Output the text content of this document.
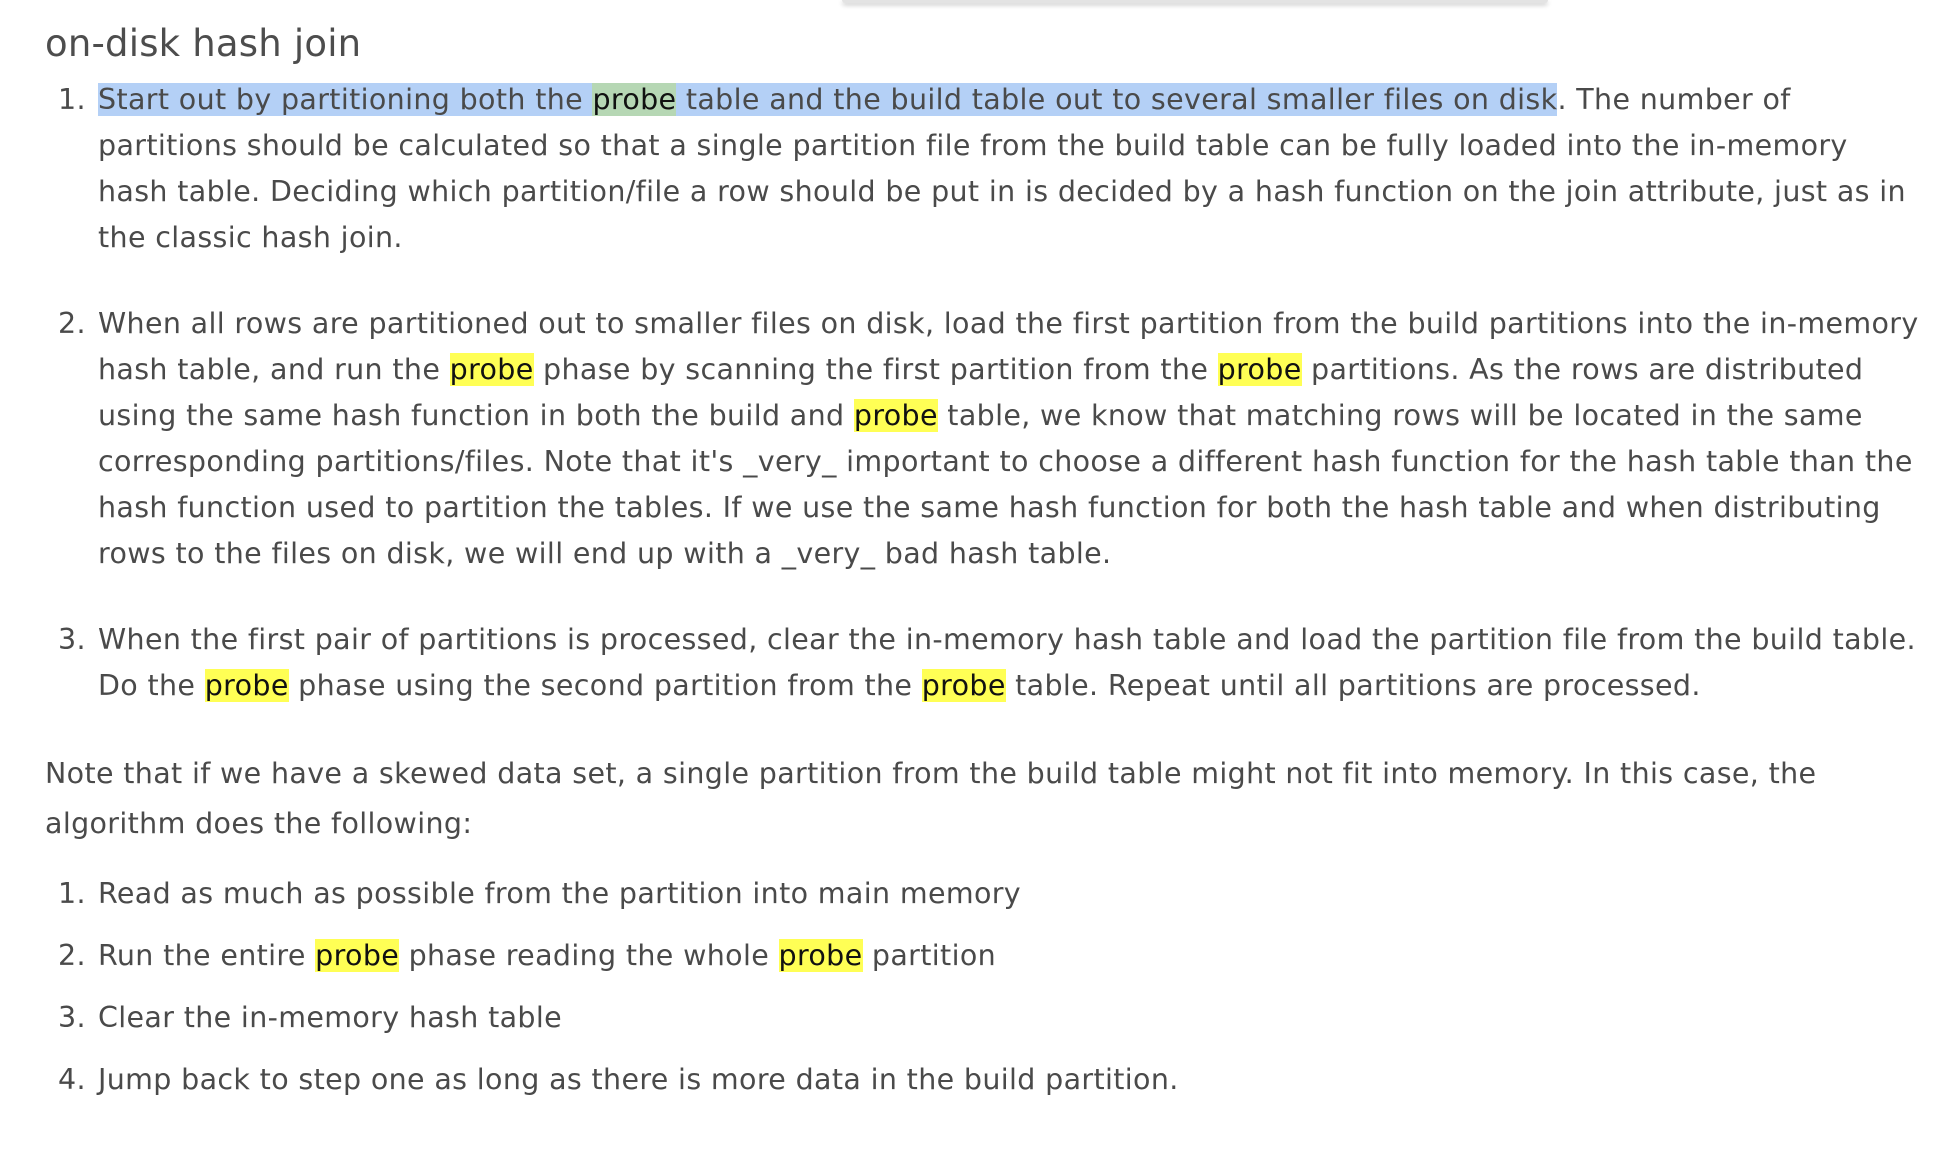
on-disk hash join
1. Start out by partitioning both the probe table and the build table out to several smaller files on disk. The number of partitions should be calculated so that a single partition file from the build table can be fully loaded into the in-memory hash table. Deciding which partition/file a row should be put in is decided by a hash function on the join attribute, just as in the classic hash join.
2. When all rows are partitioned out to smaller files on disk, load the first partition from the build partitions into the in-memory hash table, and run the probe phase by scanning the first partition from the probe partitions. As the rows are distributed using the same hash function in both the build and probe table, we know that matching rows will be located in the same corresponding partitions/files. Note that it's _very_ important to choose a different hash function for the hash table than the hash function used to partition the tables. If we use the same hash function for both the hash table and when distributing rows to the files on disk, we will end up with a _very_ bad hash table.
3. When the first pair of partitions is processed, clear the in-memory hash table and load the partition file from the build table. Do the probe phase using the second partition from the probe table. Repeat until all partitions are processed.

Note that if we have a skewed data set, a single partition from the build table might not fit into memory. In this case, the algorithm does the following:

1. Read as much as possible from the partition into main memory
2. Run the entire probe phase reading the whole probe partition
3. Clear the in-memory hash table
4. Jump back to step one as long as there is more data in the build partition.
